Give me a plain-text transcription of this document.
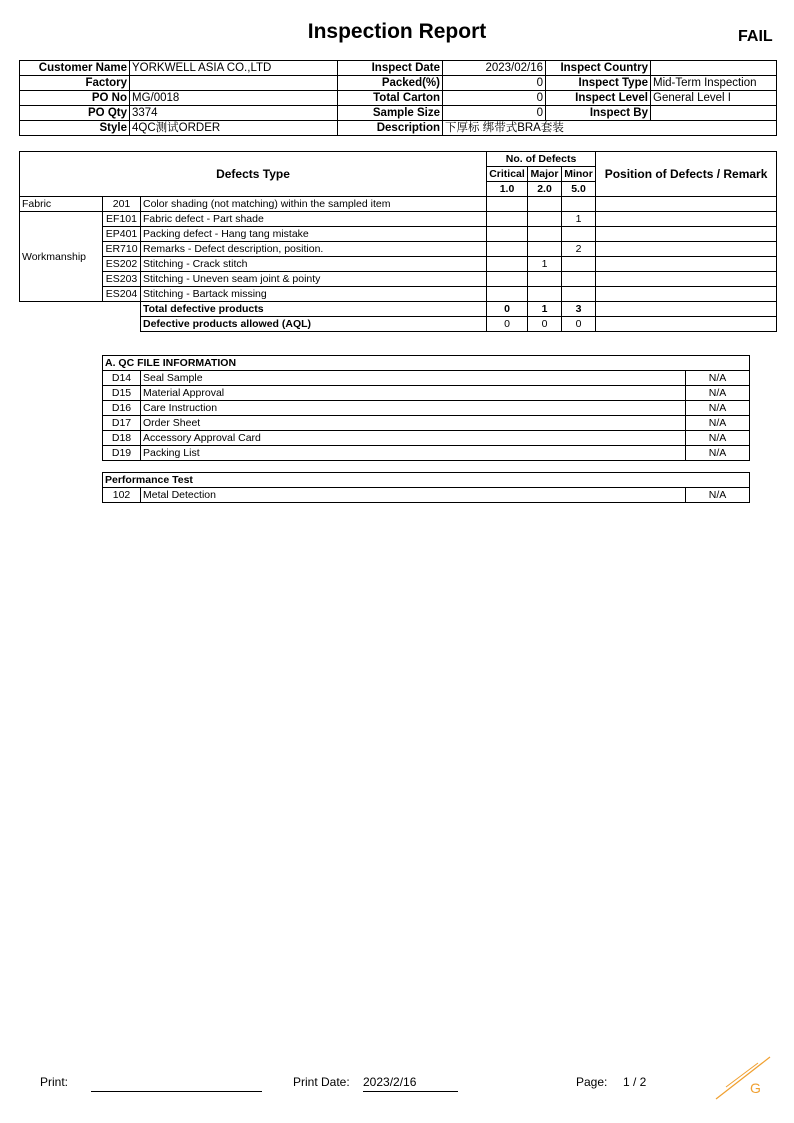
Inspection Report	FAIL
Customer Name	YORKWELL ASIA CO.,LTD	Inspect Date	2023/02/16	Inspect Country	
Factory		Packed(%)	0	Inspect Type	Mid-Term Inspection
PO No	MG/0018	Total Carton	0	Inspect Level	General Level I
PO Qty	3374	Sample Size	0	Inspect By	
Style	4QC测试ORDER	Description	下厚标 绑带式BRA套装		
Defects Type			No. of Defects			Position of Defects / Remark
			Critical	Major	Minor	
			1.0	2.0	5.0	
Fabric	201	Color shading (not matching) within the sampled item				
Workmanship	EF101	Fabric defect - Part shade			1	
	EP401	Packing defect - Hang tang mistake				
	ER710	Remarks - Defect description, position.			2	
	ES202	Stitching - Crack stitch		1		
	ES203	Stitching - Uneven seam joint & pointy				
	ES204	Stitching - Bartack missing				
		Total defective products	0	1	3	
		Defective products allowed (AQL)	0	0	0	
A. QC FILE INFORMATION		
D14	Seal Sample	N/A
D15	Material Approval	N/A
D16	Care Instruction	N/A
D17	Order Sheet	N/A
D18	Accessory Approval Card	N/A
D19	Packing List	N/A
Performance Test
102	Metal Detection	N/A
Print:	Print Date: 2023/2/16	Page: 1 / 2	G
